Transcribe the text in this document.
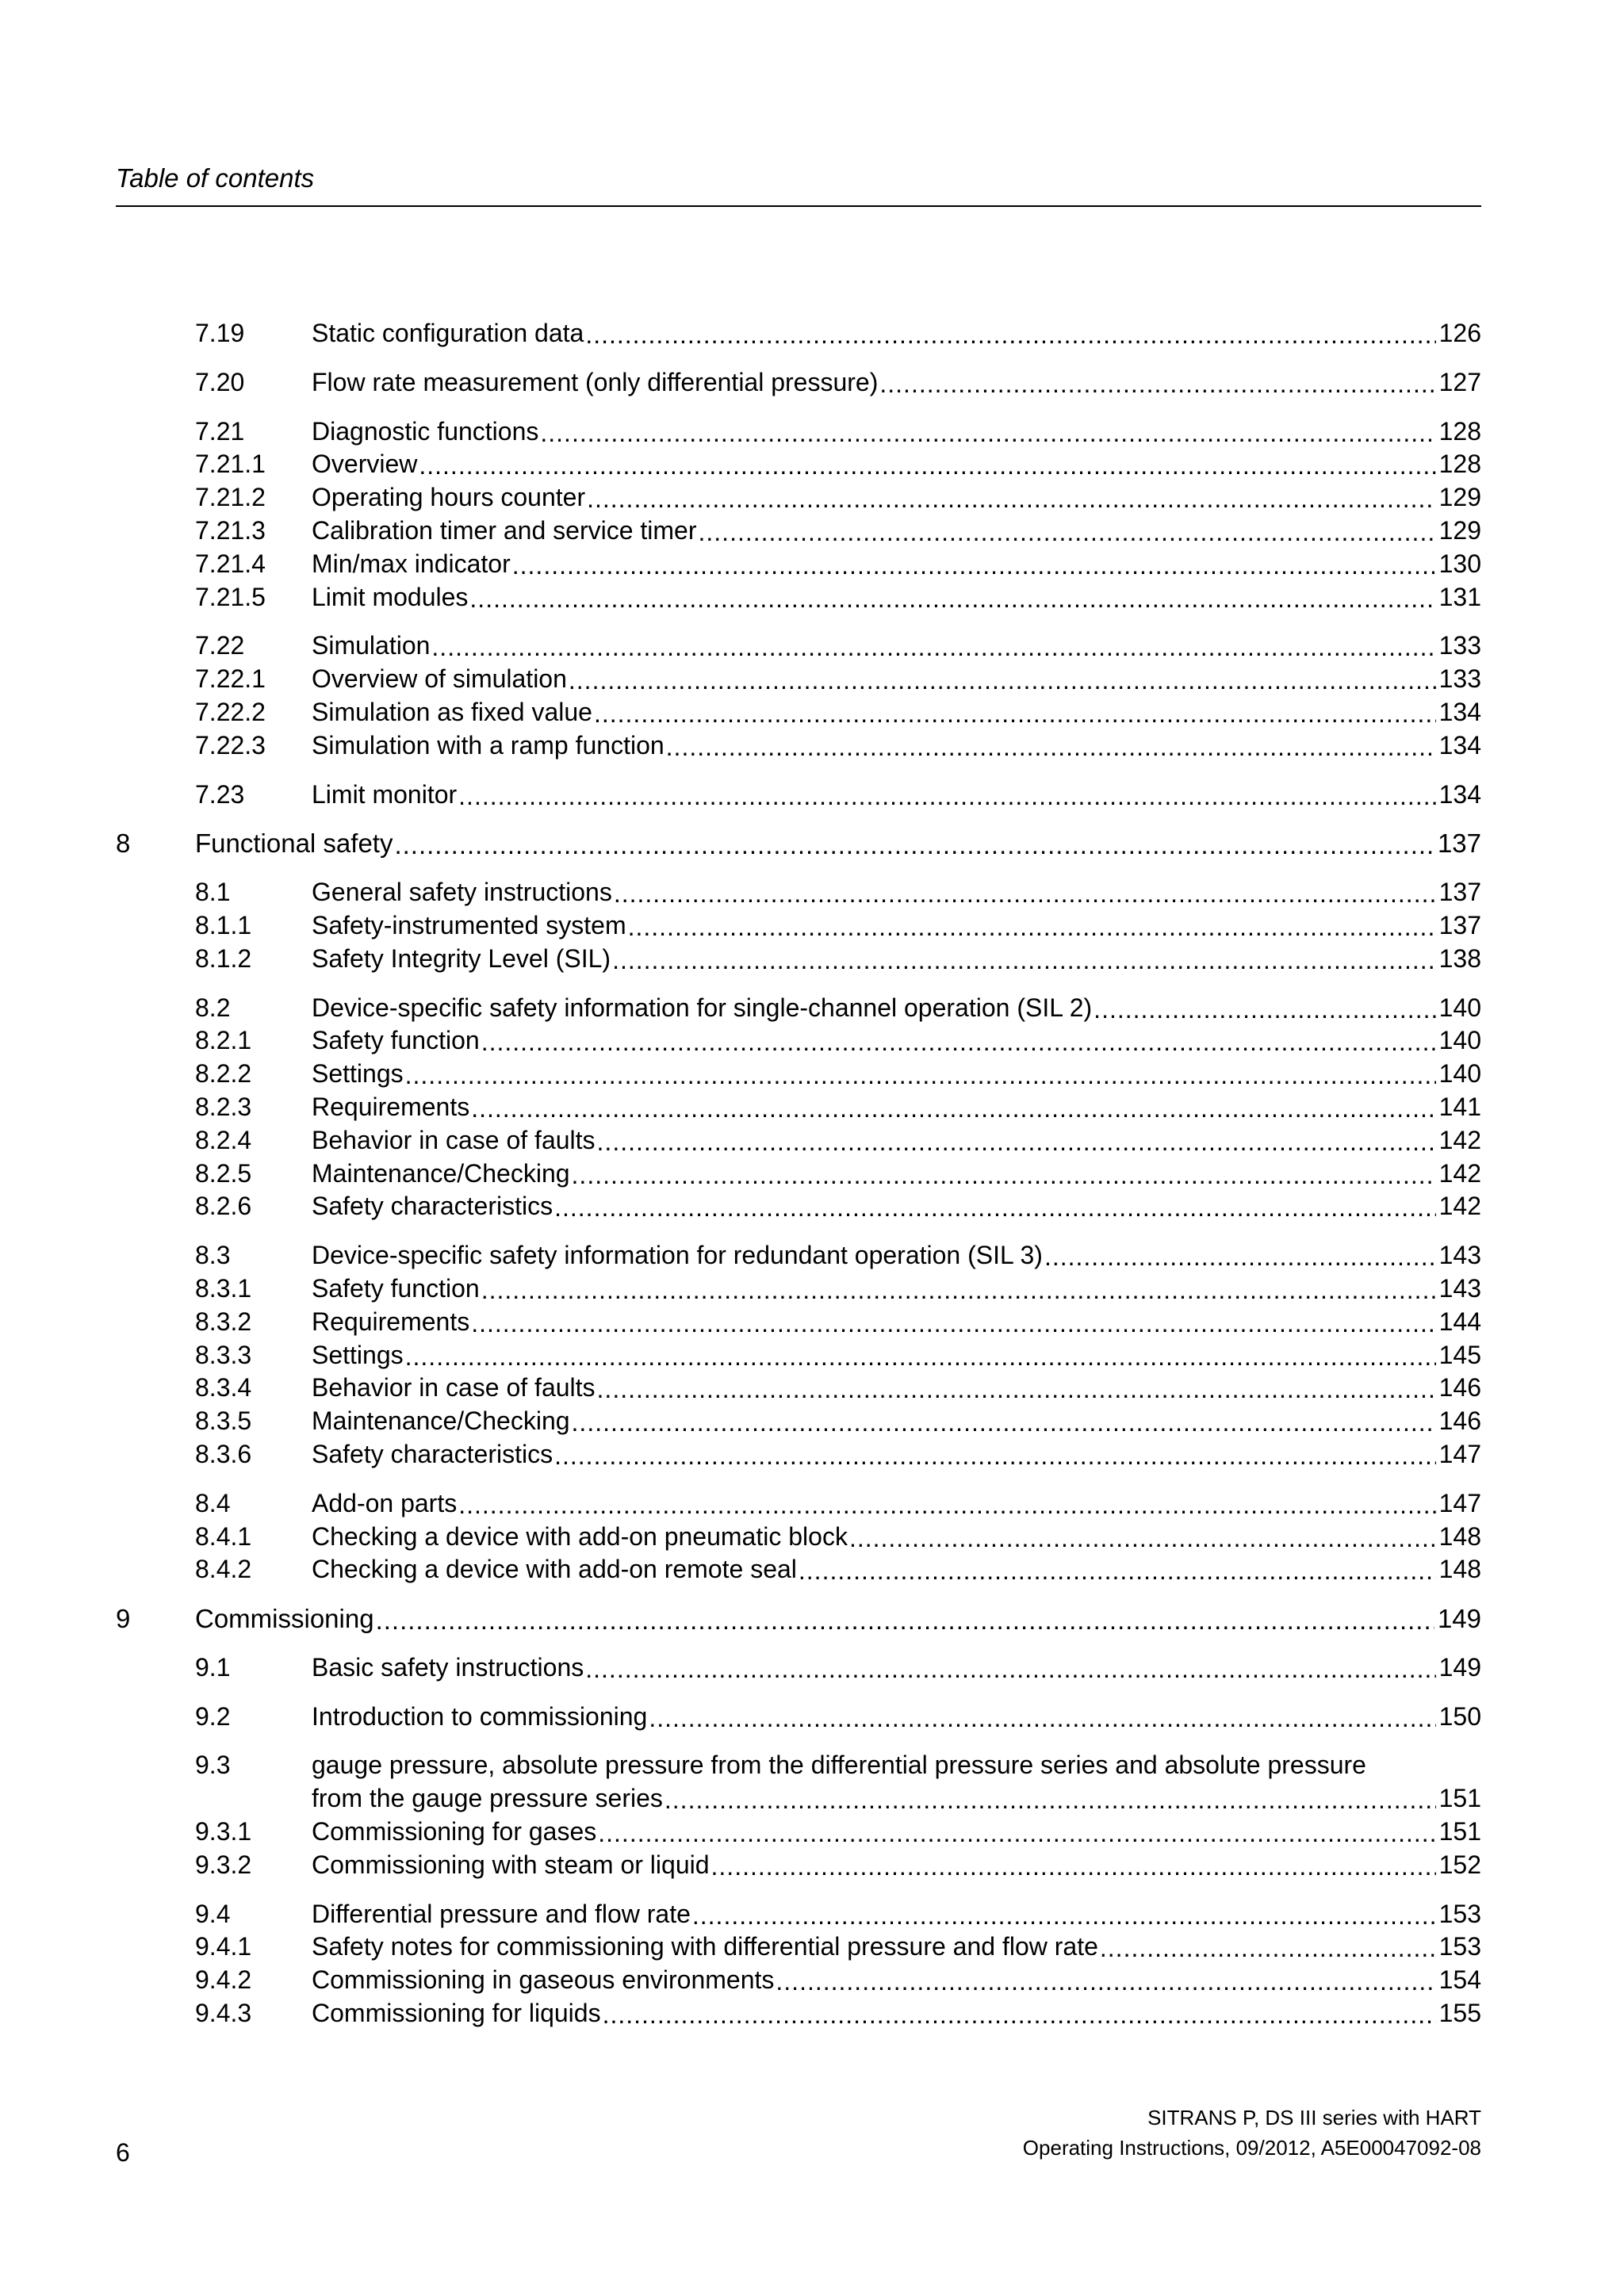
Table of contents
7.19	Static configuration data .....	126
7.20	Flow rate measurement (only differential pressure) .....	127
7.21	Diagnostic functions .....	128
7.21.1	Overview .....	128
7.21.2	Operating hours counter .....	129
7.21.3	Calibration timer and service timer .....	129
7.21.4	Min/max indicator .....	130
7.21.5	Limit modules .....	131
7.22	Simulation .....	133
7.22.1	Overview of simulation .....	133
7.22.2	Simulation as fixed value .....	134
7.22.3	Simulation with a ramp function .....	134
7.23	Limit monitor .....	134
8	Functional safety .....	137
8.1	General safety instructions .....	137
8.1.1	Safety-instrumented system .....	137
8.1.2	Safety Integrity Level (SIL) .....	138
8.2	Device-specific safety information for single-channel operation (SIL 2) .....	140
8.2.1	Safety function .....	140
8.2.2	Settings .....	140
8.2.3	Requirements .....	141
8.2.4	Behavior in case of faults .....	142
8.2.5	Maintenance/Checking .....	142
8.2.6	Safety characteristics .....	142
8.3	Device-specific safety information for redundant operation (SIL 3) .....	143
8.3.1	Safety function .....	143
8.3.2	Requirements .....	144
8.3.3	Settings .....	145
8.3.4	Behavior in case of faults .....	146
8.3.5	Maintenance/Checking .....	146
8.3.6	Safety characteristics .....	147
8.4	Add-on parts .....	147
8.4.1	Checking a device with add-on pneumatic block .....	148
8.4.2	Checking a device with add-on remote seal .....	148
9	Commissioning .....	149
9.1	Basic safety instructions .....	149
9.2	Introduction to commissioning .....	150
9.3	gauge pressure, absolute pressure from the differential pressure series and absolute pressure
from the gauge pressure series .....	151
9.3.1	Commissioning for gases .....	151
9.3.2	Commissioning with steam or liquid .....	152
9.4	Differential pressure and flow rate .....	153
9.4.1	Safety notes for commissioning with differential pressure and flow rate .....	153
9.4.2	Commissioning in gaseous environments .....	154
9.4.3	Commissioning for liquids .....	155
6
SITRANS P, DS III series with HART
Operating Instructions, 09/2012, A5E00047092-08
